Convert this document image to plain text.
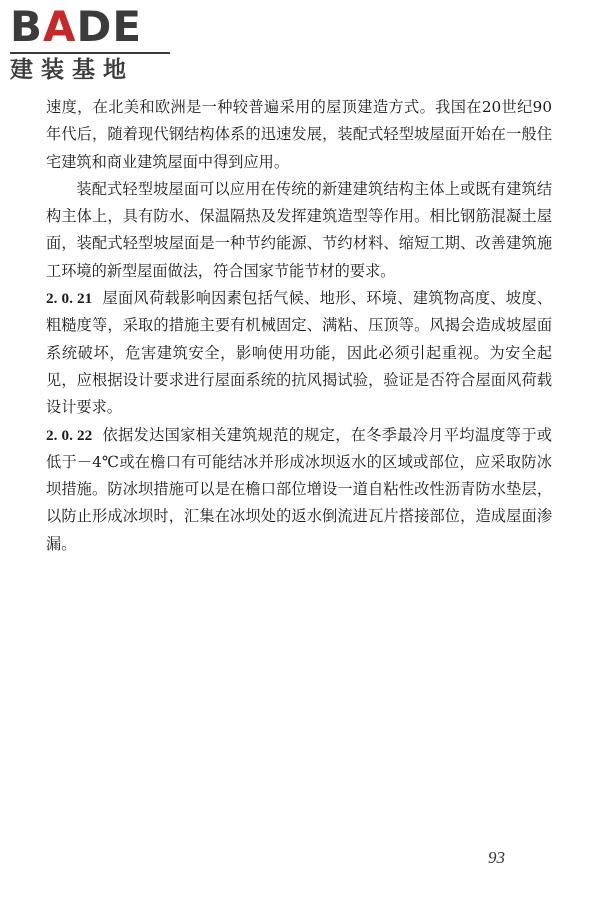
BADE
建装基地

速度，在北美和欧洲是一种较普遍采用的屋顶建造方式。我国在20世纪90年代后，随着现代钢结构体系的迅速发展，装配式轻型坡屋面开始在一般住宅建筑和商业建筑屋面中得到应用。

装配式轻型坡屋面可以应用在传统的新建建筑结构主体上或既有建筑结构主体上，具有防水、保温隔热及发挥建筑造型等作用。相比钢筋混凝土屋面，装配式轻型坡屋面是一种节约能源、节约材料、缩短工期、改善建筑施工环境的新型屋面做法，符合国家节能节材的要求。

2. 0. 21 屋面风荷载影响因素包括气候、地形、环境、建筑物高度、坡度、粗糙度等，采取的措施主要有机械固定、满粘、压顶等。风揭会造成坡屋面系统破坏，危害建筑安全，影响使用功能，因此必须引起重视。为安全起见，应根据设计要求进行屋面系统的抗风揭试验，验证是否符合屋面风荷载设计要求。

2. 0. 22 依据发达国家相关建筑规范的规定，在冬季最冷月平均温度等于或低于－4℃或在檐口有可能结冰并形成冰坝返水的区域或部位，应采取防冰坝措施。防冰坝措施可以是在檐口部位增设一道自粘性改性沥青防水垫层，以防止形成冰坝时，汇集在冰坝处的返水倒流进瓦片搭接部位，造成屋面渗漏。

93
